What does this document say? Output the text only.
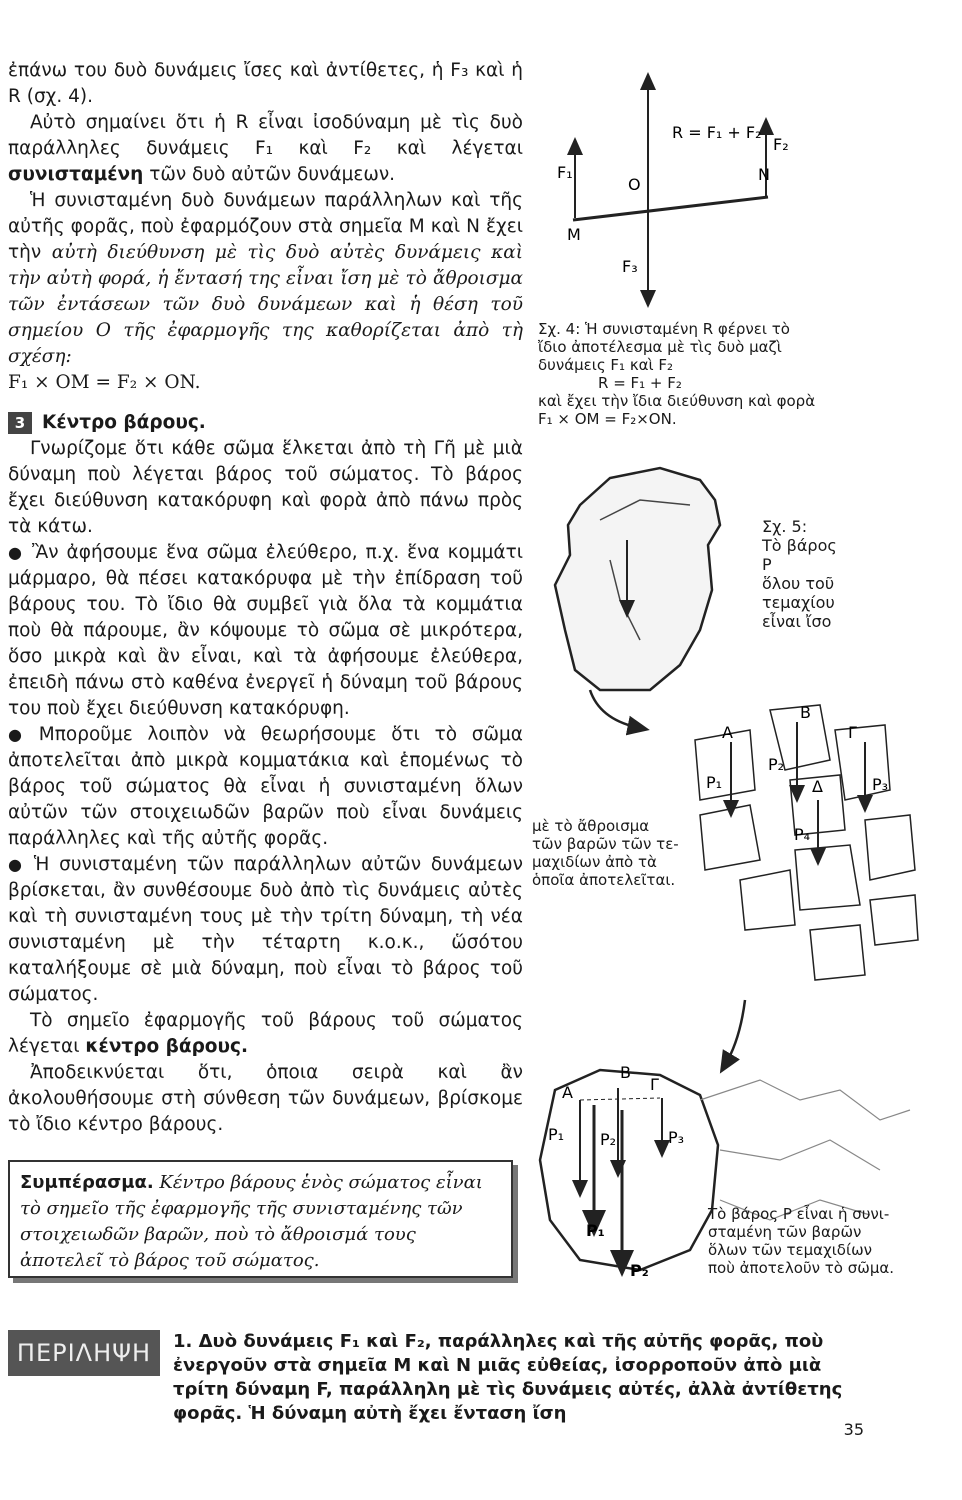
ἐπάνω του δυὸ δυνάμεις ἴσες καὶ ἀντίθετες, ἡ F₃ καὶ ἡ R (σχ. 4).

Αὐτὸ σημαίνει ὅτι ἡ R εἶναι ἰσοδύναμη μὲ τὶς δυὸ παράλληλες δυνάμεις F₁ καὶ F₂ καὶ λέγεται συνισταμένη τῶν δυὸ αὐτῶν δυνάμεων.

Ἡ συνισταμένη δυὸ δυνάμεων παράλληλων καὶ τῆς αὐτῆς φορᾶς, ποὺ ἐφαρμόζουν στὰ σημεῖα Μ καὶ Ν ἔχει τὴν αὐτὴ διεύθυνση μὲ τὶς δυὸ αὐτὲς δυνάμεις καὶ τὴν αὐτὴ φορά, ἡ ἔντασή της εἶναι ἴση μὲ τὸ ἄθροισμα τῶν ἐντάσεων τῶν δυὸ δυνάμεων καὶ ἡ θέση τοῦ σημείου Ο τῆς ἐφαρμογῆς της καθορίζεται ἀπὸ τὴ σχέση:

F₁ × OM = F₂ × ON.

3 Κέντρο βάρους.

Γνωρίζομε ὅτι κάθε σῶμα ἕλκεται ἀπὸ τὴ Γῆ μὲ μιὰ δύναμη ποὺ λέγεται βάρος τοῦ σώματος. Τὸ βάρος ἔχει διεύθυνση κατακόρυφη καὶ φορὰ ἀπὸ πάνω πρὸς τὰ κάτω.

● Ἂν ἀφήσουμε ἕνα σῶμα ἐλεύθερο, π.χ. ἕνα κομμάτι μάρμαρο, θὰ πέσει κατακόρυφα μὲ τὴν ἐπίδραση τοῦ βάρους του. Τὸ ἴδιο θὰ συμβεῖ γιὰ ὅλα τὰ κομμάτια ποὺ θὰ πάρουμε, ἂν κόψουμε τὸ σῶμα σὲ μικρότερα, ὅσο μικρὰ καὶ ἂν εἶναι, καὶ τὰ ἀφήσουμε ἐλεύθερα, ἐπειδὴ πάνω στὸ καθένα ἐνεργεῖ ἡ δύναμη τοῦ βάρους του ποὺ ἔχει διεύθυνση κατακόρυφη.

● Μποροῦμε λοιπὸν νὰ θεωρήσουμε ὅτι τὸ σῶμα ἀποτελεῖται ἀπὸ μικρὰ κομματάκια καὶ ἑπομένως τὸ βάρος τοῦ σώματος θὰ εἶναι ἡ συνισταμένη ὅλων αὐτῶν τῶν στοιχειωδῶν βαρῶν ποὺ εἶναι δυνάμεις παράλληλες καὶ τῆς αὐτῆς φορᾶς.

● Ἡ συνισταμένη τῶν παράλληλων αὐτῶν δυνάμεων βρίσκεται, ἂν συνθέσουμε δυὸ ἀπὸ τὶς δυνάμεις αὐτὲς καὶ τὴ συνισταμένη τους μὲ τὴν τρίτη δύναμη, τὴ νέα συνισταμένη μὲ τὴν τέταρτη κ.ο.κ., ὥσότου καταλήξουμε σὲ μιὰ δύναμη, ποὺ εἶναι τὸ βάρος τοῦ σώματος.

Τὸ σημεῖο ἐφαρμογῆς τοῦ βάρους τοῦ σώματος λέγεται κέντρο βάρους.

Ἀποδεικνύεται ὅτι, ὁποια σειρὰ καὶ ἂν ἀκολουθήσουμε στὴ σύνθεση τῶν δυνάμεων, βρίσκομε τὸ ἴδιο κέντρο βάρους.

Συμπέρασμα. Κέντρο βάρους ἑνὸς σώματος εἶναι τὸ σημεῖο τῆς ἐφαρμογῆς τῆς συνισταμένης τῶν στοιχειωδῶν βαρῶν, ποὺ τὸ ἄθροισμά τους ἀποτελεῖ τὸ βάρος τοῦ σώματος.
R = F₁ + F₂
F₁
F₂
F₃
O
M
N
A
B
Γ
Δ
P₁
P₂
P₃
P₄
A
B
Γ
P₁ P₂	P₃
P₁
P₂
Σχ. 4: Ἡ συνισταμένη R φέρνει τὸ
ἴδιο ἀποτέλεσμα μὲ τὶς δυὸ μαζὶ
δυνάμεις F₁ καὶ F₂
R = F₁ + F₂
καὶ ἔχει τὴν ἴδια διεύθυνση καὶ φορὰ
F₁ × OM = F₂×ON.
Σχ. 5:
Τὸ βάρος
P
ὅλου τοῦ
τεμαχίου
εἶναι ἴσο
μὲ τὸ ἄθροισμα
τῶν βαρῶν τῶν τε-
μαχιδίων ἀπὸ τὰ
ὁποῖα ἀποτελεῖται.
Τὸ βάρος P εἶναι ἡ συνι-
σταμένη τῶν βαρῶν
ὅλων τῶν τεμαχιδίων
ποὺ ἀποτελοῦν τὸ σῶμα.
ΠΕΡΙΛΗΨΗ	1. Δυὸ δυνάμεις F₁ καὶ F₂, παράλληλες καὶ τῆς αὐτῆς φορᾶς, ποὺ ἐνεργοῦν στὰ σημεῖα Μ καὶ Ν μιᾶς εὐθείας, ἰσορροποῦν ἀπὸ μιὰ τρίτη δύναμη F, παράλληλη μὲ τὶς δυνάμεις αὐτές, ἀλλὰ ἀντίθετης φορᾶς. Ἡ δύναμη αὐτὴ ἔχει ἔνταση ἴση
35
